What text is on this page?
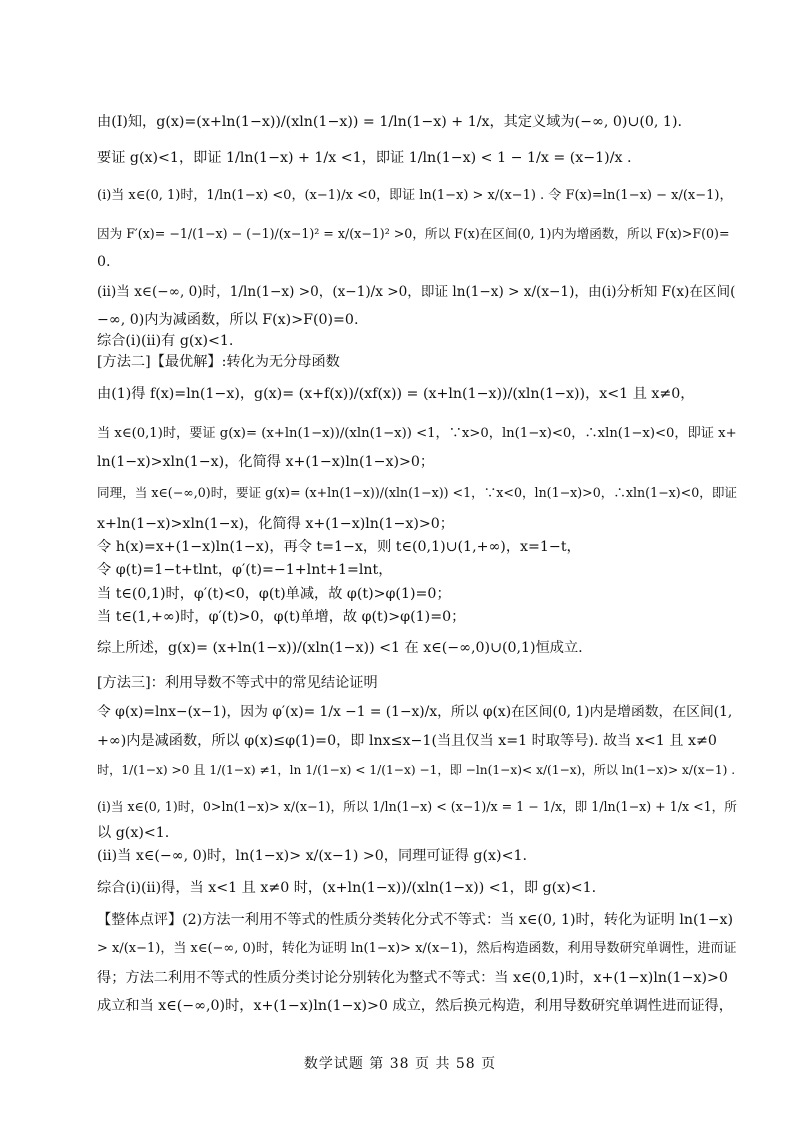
由(Ⅰ)知，g(x)=(x+ln(1−x))/(xln(1−x)) = 1/ln(1−x) + 1/x，其定义域为(−∞, 0)∪(0, 1).
要证 g(x)<1，即证 1/ln(1−x) + 1/x <1，即证 1/ln(1−x) < 1 − 1/x = (x−1)/x .
(ⅰ)当 x∈(0, 1)时，1/ln(1−x) <0，(x−1)/x <0，即证 ln(1−x) > x/(x−1) . 令 F(x)=ln(1−x) − x/(x−1)，
因为 F′(x)= −1/(1−x) − (−1)/(x−1)² = x/(x−1)² >0，所以 F(x)在区间(0, 1)内为增函数，所以 F(x)>F(0)=
0.
(ⅱ)当 x∈(−∞, 0)时，1/ln(1−x) >0，(x−1)/x >0，即证 ln(1−x) > x/(x−1)，由(ⅰ)分析知 F(x)在区间(
−∞, 0)内为减函数，所以 F(x)>F(0)=0.
综合(ⅰ)(ⅱ)有 g(x)<1.
[方法二]【最优解】:转化为无分母函数
由(1)得 f(x)=ln(1−x)，g(x)= (x+f(x))/(xf(x)) = (x+ln(1−x))/(xln(1−x))，x<1 且 x≠0，
当 x∈(0,1)时，要证 g(x)= (x+ln(1−x))/(xln(1−x)) <1，∵x>0，ln(1−x)<0，∴xln(1−x)<0，即证 x+
ln(1−x)>xln(1−x)，化简得 x+(1−x)ln(1−x)>0；
同理，当 x∈(−∞,0)时，要证 g(x)= (x+ln(1−x))/(xln(1−x)) <1，∵x<0，ln(1−x)>0，∴xln(1−x)<0，即证
x+ln(1−x)>xln(1−x)，化简得 x+(1−x)ln(1−x)>0；
令 h(x)=x+(1−x)ln(1−x)，再令 t=1−x，则 t∈(0,1)∪(1,+∞)，x=1−t，
令 φ(t)=1−t+tlnt，φ′(t)=−1+lnt+1=lnt，
当 t∈(0,1)时，φ′(t)<0，φ(t)单减，故 φ(t)>φ(1)=0；
当 t∈(1,+∞)时，φ′(t)>0，φ(t)单增，故 φ(t)>φ(1)=0；
综上所述，g(x)= (x+ln(1−x))/(xln(1−x)) <1 在 x∈(−∞,0)∪(0,1)恒成立.
[方法三]：利用导数不等式中的常见结论证明
令 φ(x)=lnx−(x−1)，因为 φ′(x)= 1/x −1 = (1−x)/x，所以 φ(x)在区间(0, 1)内是增函数，在区间(1,
+∞)内是减函数，所以 φ(x)≤φ(1)=0，即 lnx≤x−1(当且仅当 x=1 时取等号). 故当 x<1 且 x≠0
时，1/(1−x) >0 且 1/(1−x) ≠1，ln 1/(1−x) < 1/(1−x) −1，即 −ln(1−x)< x/(1−x)，所以 ln(1−x)> x/(x−1) .
(ⅰ)当 x∈(0, 1)时，0>ln(1−x)> x/(x−1)，所以 1/ln(1−x) < (x−1)/x = 1 − 1/x，即 1/ln(1−x) + 1/x <1，所
以 g(x)<1.
(ⅱ)当 x∈(−∞, 0)时，ln(1−x)> x/(x−1) >0，同理可证得 g(x)<1.
综合(ⅰ)(ⅱ)得，当 x<1 且 x≠0 时，(x+ln(1−x))/(xln(1−x)) <1，即 g(x)<1.
【整体点评】(2)方法一利用不等式的性质分类转化分式不等式：当 x∈(0, 1)时，转化为证明 ln(1−x)
> x/(x−1)，当 x∈(−∞, 0)时，转化为证明 ln(1−x)> x/(x−1)，然后构造函数，利用导数研究单调性，进而证
得；方法二利用不等式的性质分类讨论分别转化为整式不等式：当 x∈(0,1)时，x+(1−x)ln(1−x)>0
成立和当 x∈(−∞,0)时，x+(1−x)ln(1−x)>0 成立，然后换元构造，利用导数研究单调性进而证得，
数学试题 第 38 页 共 58 页
